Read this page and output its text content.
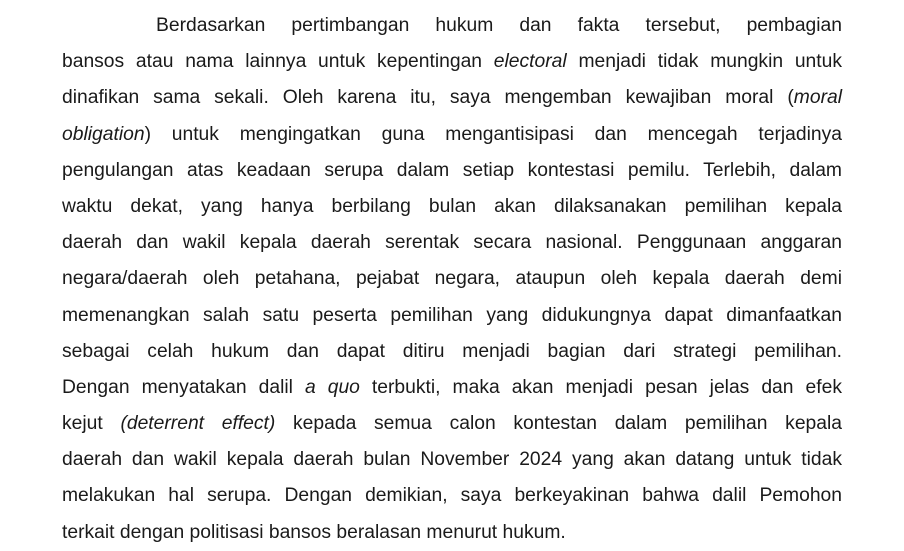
Berdasarkan pertimbangan hukum dan fakta tersebut, pembagian
bansos atau nama lainnya untuk kepentingan electoral menjadi tidak mungkin untuk
dinafikan sama sekali. Oleh karena itu, saya mengemban kewajiban moral (moral
obligation) untuk mengingatkan guna mengantisipasi dan mencegah terjadinya
pengulangan atas keadaan serupa dalam setiap kontestasi pemilu. Terlebih, dalam
waktu dekat, yang hanya berbilang bulan akan dilaksanakan pemilihan kepala
daerah dan wakil kepala daerah serentak secara nasional. Penggunaan anggaran
negara/daerah oleh petahana, pejabat negara, ataupun oleh kepala daerah demi
memenangkan salah satu peserta pemilihan yang didukungnya dapat dimanfaatkan
sebagai celah hukum dan dapat ditiru menjadi bagian dari strategi pemilihan.
Dengan menyatakan dalil a quo terbukti, maka akan menjadi pesan jelas dan efek
kejut (deterrent effect) kepada semua calon kontestan dalam pemilihan kepala
daerah dan wakil kepala daerah bulan November 2024 yang akan datang untuk tidak
melakukan hal serupa. Dengan demikian, saya berkeyakinan bahwa dalil Pemohon
terkait dengan politisasi bansos beralasan menurut hukum.
